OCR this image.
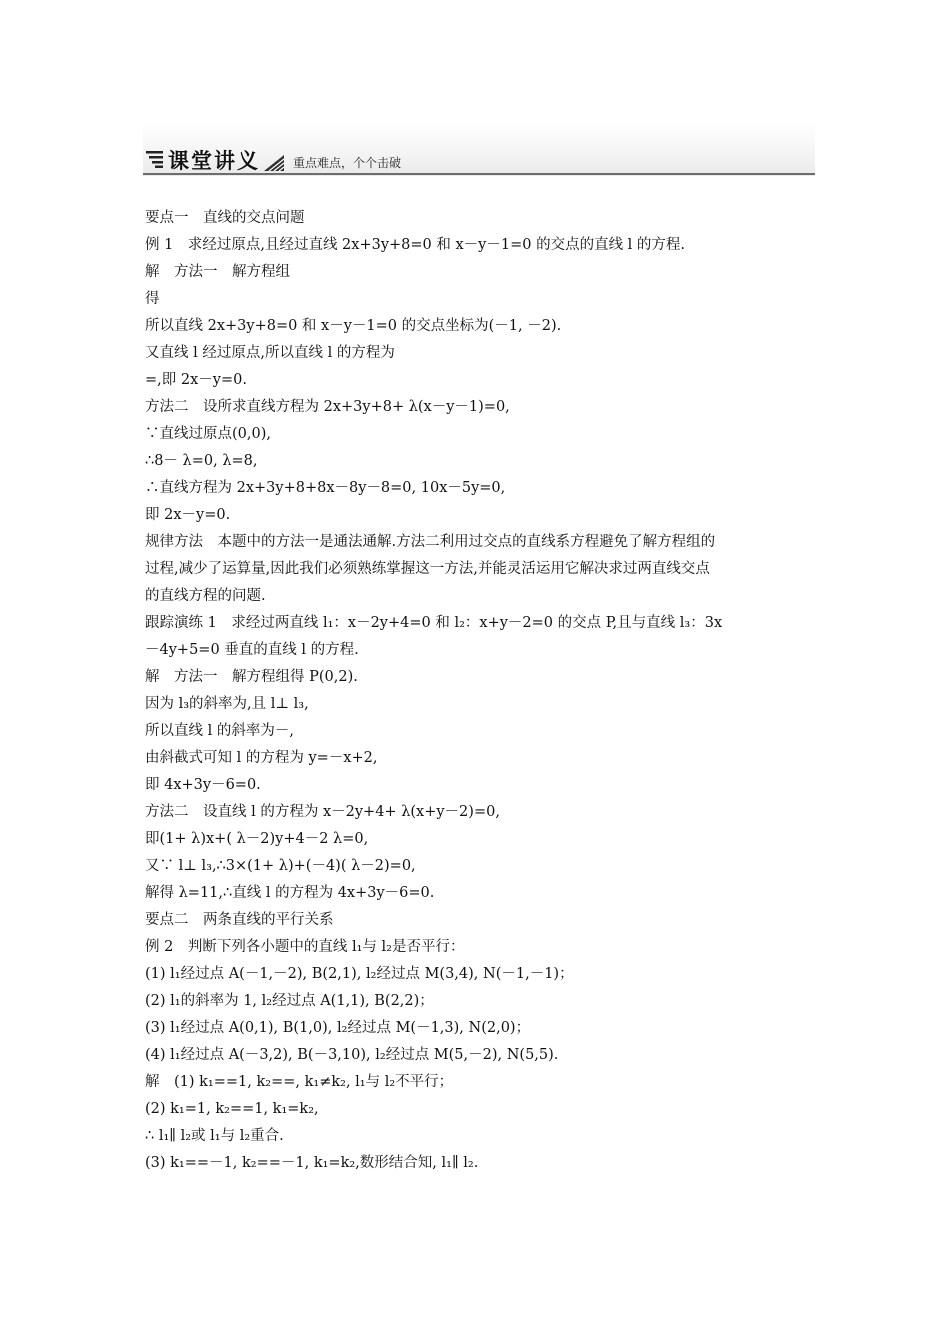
课堂讲义	重点难点，个个击破
要点一　直线的交点问题
例 1　求经过原点,且经过直线 2x+3y+8=0 和 x－y－1=0 的交点的直线 l 的方程.
解　方法一　解方程组
得
所以直线 2x+3y+8=0 和 x－y－1=0 的交点坐标为(－1, －2).
又直线 l 经过原点,所以直线 l 的方程为
=,即 2x－y=0.
方法二　设所求直线方程为 2x+3y+8+ λ(x－y－1)=0,
∵直线过原点(0,0),
∴8－ λ=0, λ=8,
∴直线方程为 2x+3y+8+8x－8y－8=0, 10x－5y=0,
即 2x－y=0.
规律方法　本题中的方法一是通法通解.方法二利用过交点的直线系方程避免了解方程组的
过程,减少了运算量,因此我们必须熟练掌握这一方法,并能灵活运用它解决求过两直线交点
的直线方程的问题.
跟踪演练 1　求经过两直线 l₁：x－2y+4=0 和 l₂：x+y－2=0 的交点 P,且与直线 l₃：3x
－4y+5=0 垂直的直线 l 的方程.
解　方法一　解方程组得 P(0,2).
因为 l₃的斜率为,且 l⊥ l₃,
所以直线 l 的斜率为－,
由斜截式可知 l 的方程为 y=－x+2,
即 4x+3y－6=0.
方法二　设直线 l 的方程为 x－2y+4+ λ(x+y－2)=0,
即(1+ λ)x+( λ－2)y+4－2 λ=0,
又∵ l⊥ l₃,∴3×(1+ λ)+(－4)( λ－2)=0,
解得 λ=11,∴直线 l 的方程为 4x+3y－6=0.
要点二　两条直线的平行关系
例 2　判断下列各小题中的直线 l₁与 l₂是否平行：
(1) l₁经过点 A(－1,－2), B(2,1), l₂经过点 M(3,4), N(－1,－1)；
(2) l₁的斜率为 1, l₂经过点 A(1,1), B(2,2)；
(3) l₁经过点 A(0,1), B(1,0), l₂经过点 M(－1,3), N(2,0)；
(4) l₁经过点 A(－3,2), B(－3,10), l₂经过点 M(5,－2), N(5,5).
解　(1) k₁==1, k₂==, k₁≠k₂, l₁与 l₂不平行；
(2) k₁=1, k₂==1, k₁=k₂,
∴ l₁∥ l₂或 l₁与 l₂重合.
(3) k₁==－1, k₂==－1, k₁=k₂,数形结合知, l₁∥ l₂.
